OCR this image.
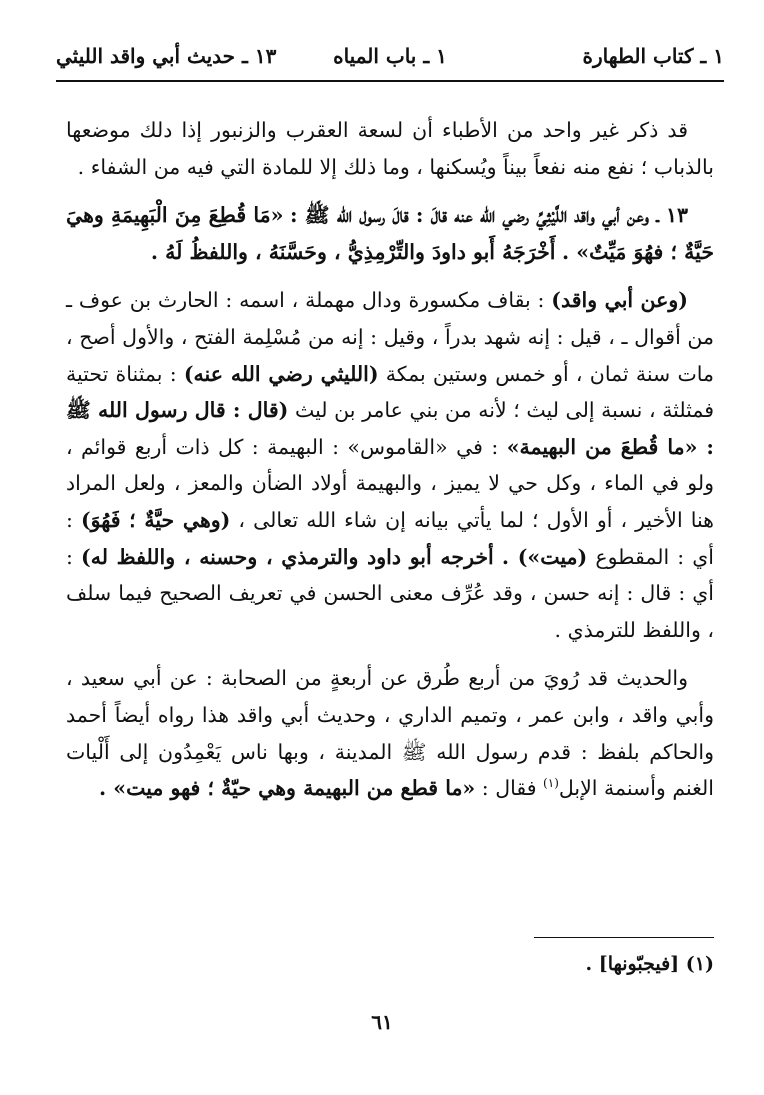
١ ـ كتاب الطهارة
١ ـ باب المياه
١٣ ـ حديث أبي واقد الليثي

قد ذكر غير واحد من الأطباء أن لسعة العقرب والزنبور إذا دلك موضعها بالذباب ؛ نفع منه نفعاً بيناً ويُسكنها ، وما ذلك إلا للمادة التي فيه من الشفاء .

١٣ ـ وعن أبي واقد اللَّيْثِيِّ رضي الله عنه قالَ : قالَ رسول الله ﷺ : «مَا قُطِعَ مِنَ الْبَهِيمَةِ وهيَ حَيَّةٌ ؛ فهُوَ مَيِّتٌ» . أَخْرَجَهُ أَبو داودَ والتِّرْمِذِيُّ ، وحَسَّنَهُ ، واللفظُ لَهُ .

(وعن أبي واقد) : بقاف مكسورة ودال مهملة ، اسمه : الحارث بن عوف ـ من أقوال ـ ، قيل : إنه شهد بدراً ، وقيل : إنه من مُسْلِمة الفتح ، والأول أصح ، مات سنة ثمان ، أو خمس وستين بمكة (الليثي رضي الله عنه) : بمثناة تحتية فمثلثة ، نسبة إلى ليث ؛ لأنه من بني عامر بن ليث (قال : قال رسول الله ﷺ : «ما قُطعَ من البهيمة» : في «القاموس» : البهيمة : كل ذات أربع قوائم ، ولو في الماء ، وكل حي لا يميز ، والبهيمة أولاد الضأن والمعز ، ولعل المراد هنا الأخير ، أو الأول ؛ لما يأتي بيانه إن شاء الله تعالى ، (وهي حيَّةٌ ؛ فَهُوَ) : أي : المقطوع (ميت») . أخرجه أبو داود والترمذي ، وحسنه ، واللفظ له) : أي : قال : إنه حسن ، وقد عُرِّف معنى الحسن في تعريف الصحيح فيما سلف ، واللفظ للترمذي .

والحديث قد رُويَ من أربع طُرق عن أربعةٍ من الصحابة : عن أبي سعيد ، وأبي واقد ، وابن عمر ، وتميم الداري ، وحديث أبي واقد هذا رواه أيضاً أحمد والحاكم بلفظ : قدم رسول الله ﷺ المدينة ، وبها ناس يَعْمِدُون إلى أَلْيات الغنم وأسنمة الإبل$^{(١)}$ فقال : «ما قطع من البهيمة وهي حيّةٌ ؛ فهو ميت» .

(١) [فيجبّونها] .
٦١
